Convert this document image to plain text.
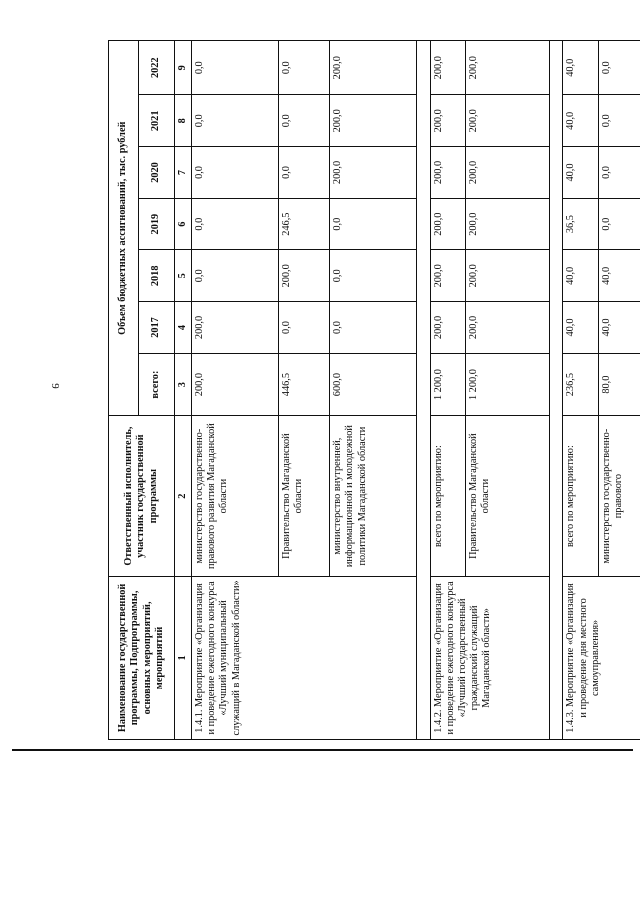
9
Наименование государственной программы, Подпрограммы, основных мероприятий, мероприятий	Ответственный исполнитель, участник государственной программы	Объем бюджетных ассигнований, тыс. рублей						
		всего:	2017	2018	2019	2020	2021	2022
1	2	3	4	5	6	7	8	9
1.4.1. Мероприятие «Организация и проведение ежегодного конкурса «Лучший муниципальный служащий в Магаданской области»	министерство государственно-правового развития Магаданской области	200,0	200,0	0,0	0,0	0,0	0,0	0,0
	Правительство Магаданской области	446,5	0,0	200,0	246,5	0,0	0,0	0,0
	министерство внутренней, информационной и молодежной политики Магаданской области	600,0	0,0	0,0	0,0	200,0	200,0	200,0

1.4.2. Мероприятие «Организация и проведение ежегодного конкурса «Лучший государственный гражданский служащий Магаданской области»	всего по мероприятию:	1 200,0	200,0	200,0	200,0	200,0	200,0	200,0
	Правительство Магаданской области	1 200,0	200,0	200,0	200,0	200,0	200,0	200,0

1.4.3. Мероприятие «Организация и проведение дня местного самоуправления»	всего по мероприятию:	236,5	40,0	40,0	36,5	40,0	40,0	40,0
	министерство государственно-правового	80,0	40,0	40,0	0,0	0,0	0,0	0,0
